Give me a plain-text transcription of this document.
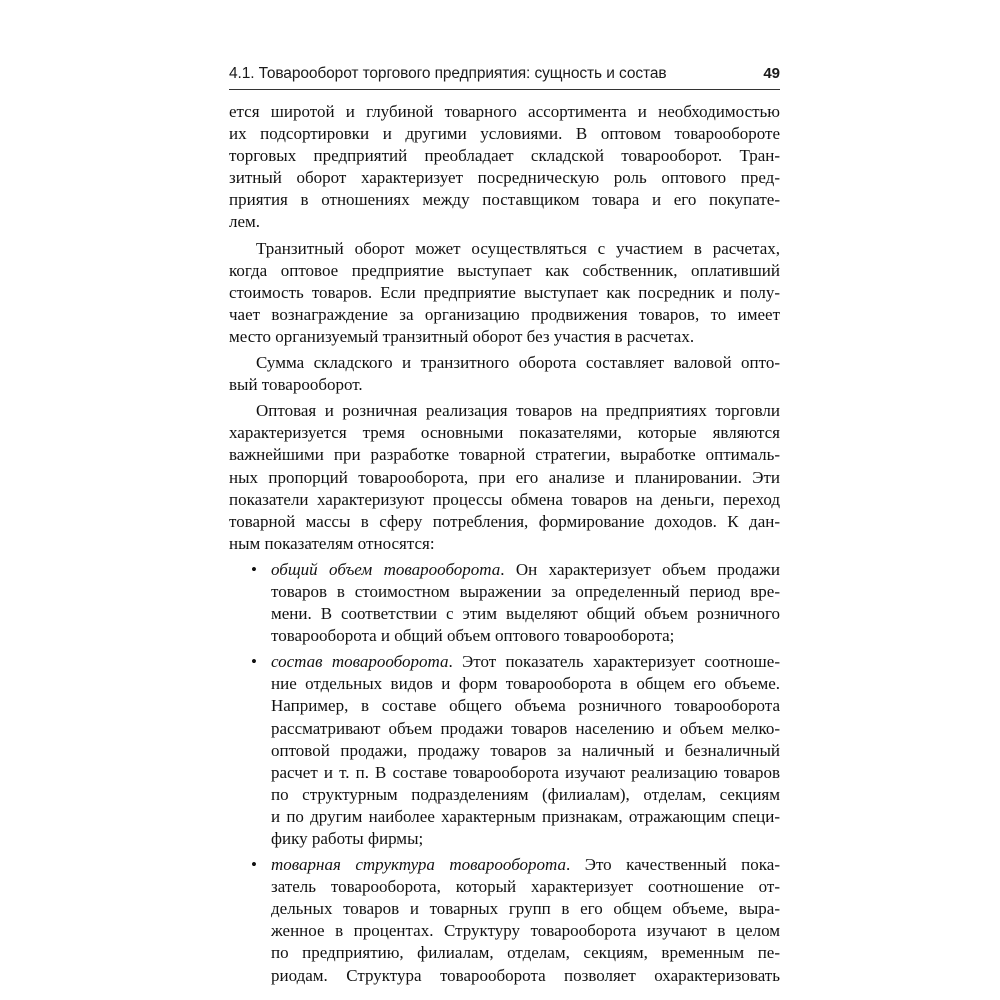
4.1. Товарооборот торгового предприятия: сущность и состав	49
ется широтой и глубиной товарного ассортимента и необходимостью
их подсортировки и другими условиями. В оптовом товарообороте
торговых предприятий преобладает складской товарооборот. Тран-
зитный оборот характеризует посредническую роль оптового пред-
приятия в отношениях между поставщиком товара и его покупате-
лем.
Транзитный оборот может осуществляться с участием в расчетах,
когда оптовое предприятие выступает как собственник, оплативший
стоимость товаров. Если предприятие выступает как посредник и полу-
чает вознаграждение за организацию продвижения товаров, то имеет
место организуемый транзитный оборот без участия в расчетах.
Сумма складского и транзитного оборота составляет валовой опто-
вый товарооборот.
Оптовая и розничная реализация товаров на предприятиях торговли
характеризуется тремя основными показателями, которые являются
важнейшими при разработке товарной стратегии, выработке оптималь-
ных пропорций товарооборота, при его анализе и планировании. Эти
показатели характеризуют процессы обмена товаров на деньги, переход
товарной массы в сферу потребления, формирование доходов. К дан-
ным показателям относятся:
• общий объем товарооборота. Он характеризует объем продажи
товаров в стоимостном выражении за определенный период вре-
мени. В соответствии с этим выделяют общий объем розничного
товарооборота и общий объем оптового товарооборота;
• состав товарооборота. Этот показатель характеризует соотноше-
ние отдельных видов и форм товарооборота в общем его объеме.
Например, в составе общего объема розничного товарооборота
рассматривают объем продажи товаров населению и объем мелко-
оптовой продажи, продажу товаров за наличный и безналичный
расчет и т. п. В составе товарооборота изучают реализацию товаров
по структурным подразделениям (филиалам), отделам, секциям
и по другим наиболее характерным признакам, отражающим специ-
фику работы фирмы;
• товарная структура товарооборота. Это качественный пока-
затель товарооборота, который характеризует соотношение от-
дельных товаров и товарных групп в его общем объеме, выра-
женное в процентах. Структуру товарооборота изучают в целом
по предприятию, филиалам, отделам, секциям, временным пе-
риодам. Структура товарооборота позволяет охарактеризовать
